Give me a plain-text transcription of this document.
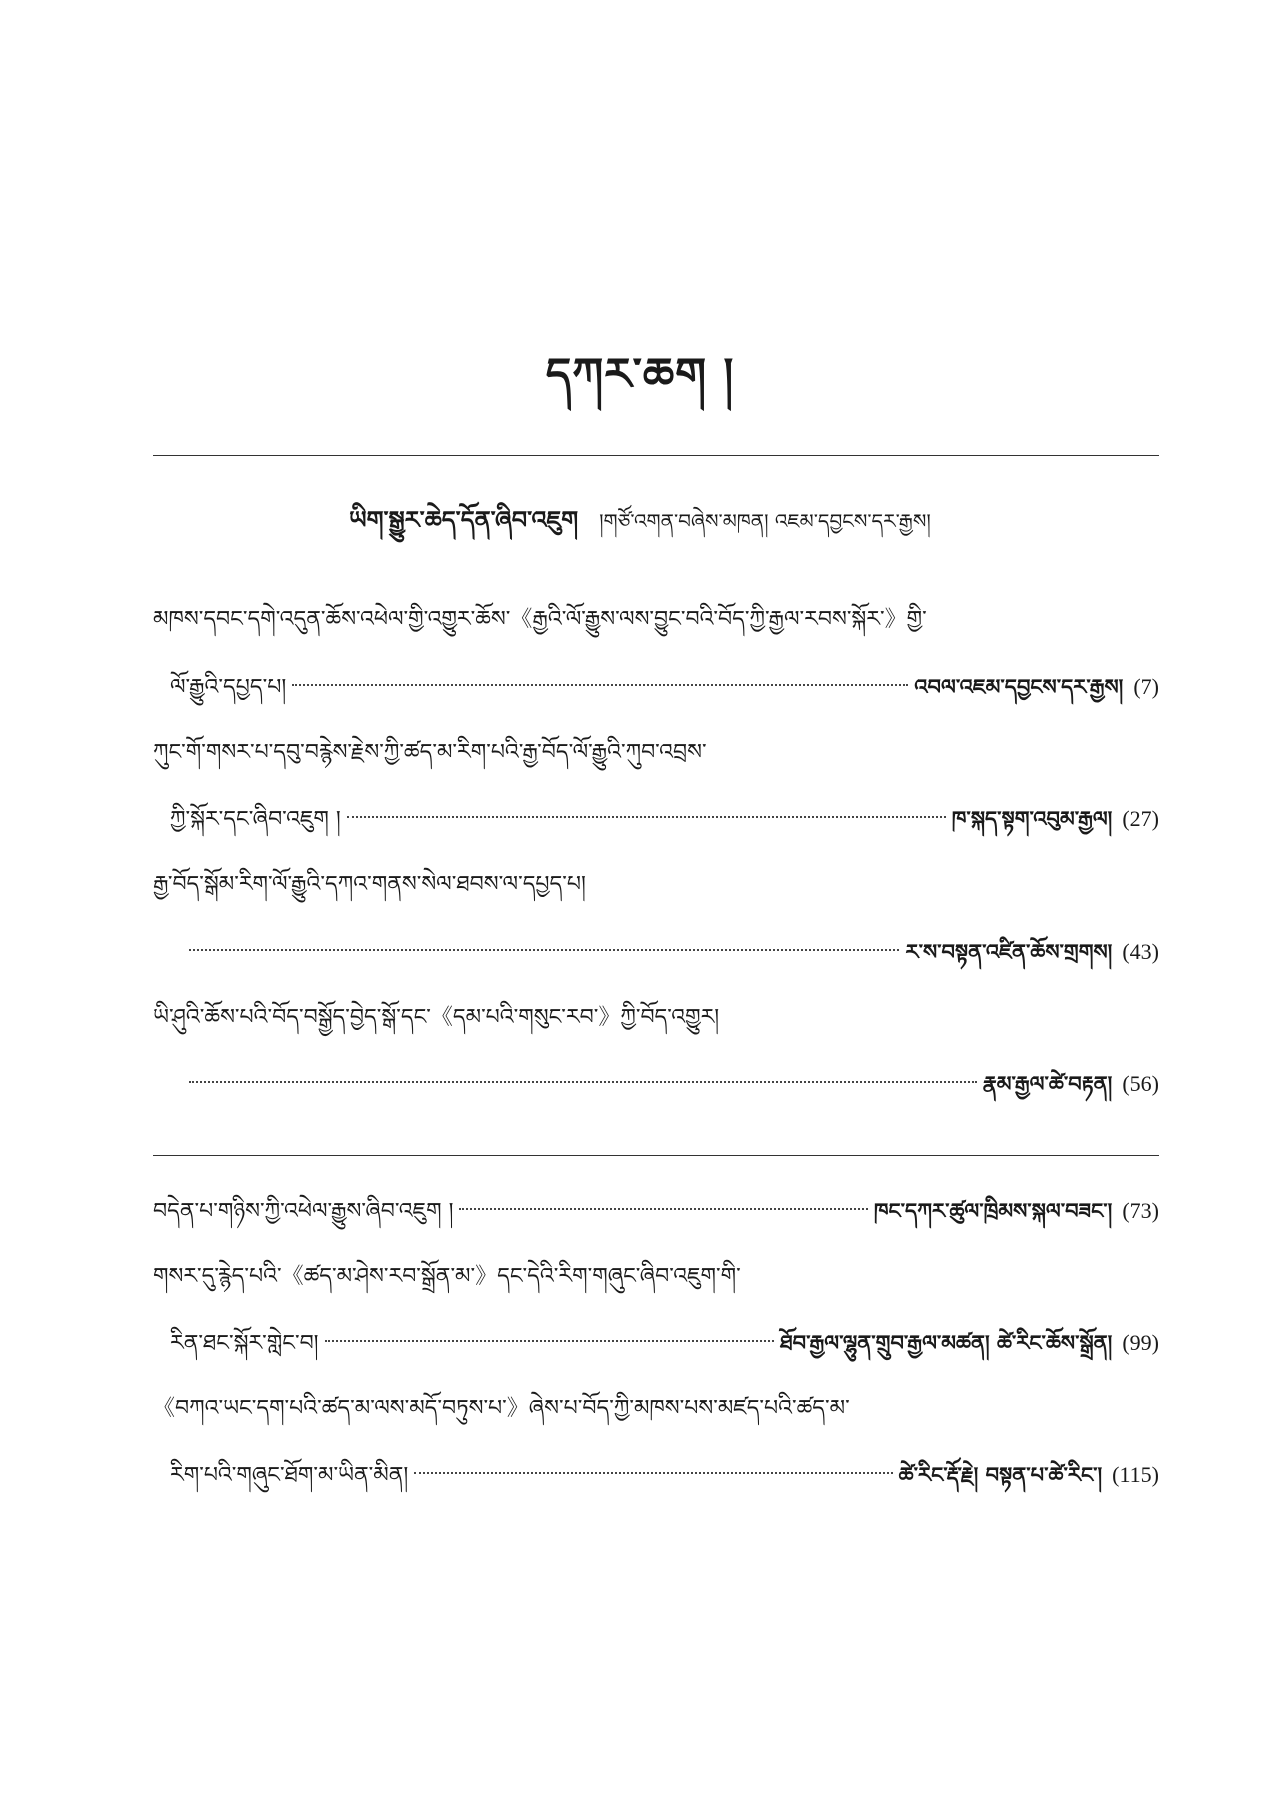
དཀར་ཆག །
ཡིག་སྒྱུར་ཆེད་དོན་ཞིབ་འཇུག །གཙོ་འགན་བཞེས་མཁན། འཇམ་དབྱངས་དར་རྒྱས།
མཁས་དབང་དགེ་འདུན་ཆོས་འཕེལ་གྱི་འགྱུར་ཆོས་《རྒྱའི་ལོ་རྒྱུས་ལས་བྱུང་བའི་བོད་ཀྱི་རྒྱལ་རབས་སྐོར་》གྱི་
ལོ་རྒྱུའི་དཔྱད་པ།	འབལ་འཇམ་དབྱངས་དར་རྒྱས། (7)
ཀུང་གོ་གསར་པ་དབུ་བརྙེས་རྗེས་ཀྱི་ཚད་མ་རིག་པའི་རྒྱ་བོད་ལོ་རྒྱུའི་ཀུབ་འབྲས་
ཀྱི་སྐོར་དང་ཞིབ་འཇུག །	ཁ་སྐད་སྟག་འབུམ་རྒྱལ། (27)
རྒྱ་བོད་སྒོམ་རིག་ལོ་རྒྱུའི་དཀའ་གནས་སེལ་ཐབས་ལ་དཔྱད་པ།
ར་ས་བསྟན་འཛིན་ཆོས་གྲགས། (43)
ཡི་ཤུའི་ཆོས་པའི་བོད་བསྒྱོད་བྱེད་སྒོ་དང་《དམ་པའི་གསུང་རབ་》ཀྱི་བོད་འགྱུར།
རྣམ་རྒྱལ་ཚེ་བརྟན། (56)
བདེན་པ་གཉིས་ཀྱི་འཕེལ་རྒྱུས་ཞིབ་འཇུག །	ཁང་དཀར་ཚུལ་ཁྲིམས་སྐལ་བཟང་། (73)
གསར་དུ་རྙེད་པའི་《ཚད་མ་ཤེས་རབ་སྒྲོན་མ་》དང་དེའི་རིག་གཞུང་ཞིབ་འཇུག་གི་
རིན་ཐང་སྐོར་གླེང་བ།	ཐོབ་རྒྱལ་ལྷུན་གྲུབ་རྒྱལ་མཚན། ཚེ་རིང་ཆོས་སྒྲོན། (99)
《བཀའ་ཡང་དག་པའི་ཚད་མ་ལས་མདོ་བཏུས་པ་》ཞེས་པ་བོད་ཀྱི་མཁས་པས་མཛད་པའི་ཚད་མ་
རིག་པའི་གཞུང་ཐོག་མ་ཡིན་མིན།	ཚེ་རིང་རྡོ་རྗེ། བསྟན་པ་ཚེ་རིང་། (115)
